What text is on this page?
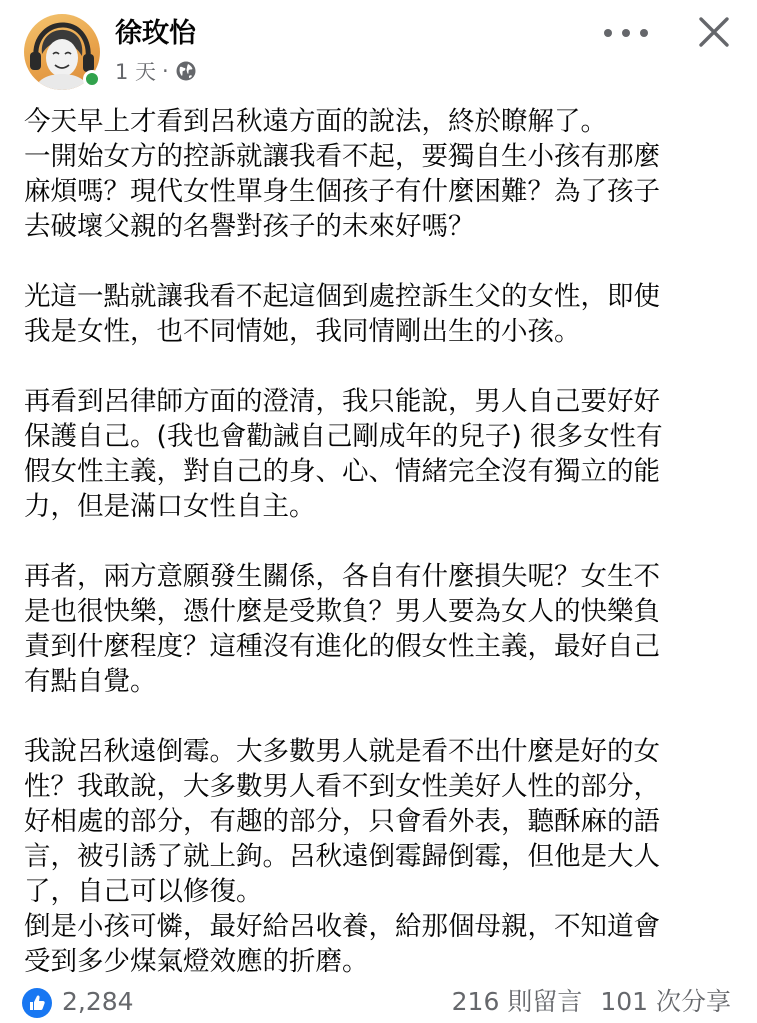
徐玫怡
1 天 ·

今天早上才看到呂秋遠方面的說法，終於瞭解了。
一開始女方的控訴就讓我看不起，要獨自生小孩有那麼
麻煩嗎？現代女性單身生個孩子有什麼困難？為了孩子
去破壞父親的名譽對孩子的未來好嗎？

光這一點就讓我看不起這個到處控訴生父的女性，即使
我是女性，也不同情她，我同情剛出生的小孩。

再看到呂律師方面的澄清，我只能說，男人自己要好好
保護自己。(我也會勸誡自己剛成年的兒子) 很多女性有
假女性主義，對自己的身、心、情緒完全沒有獨立的能
力，但是滿口女性自主。

再者，兩方意願發生關係，各自有什麼損失呢？女生不
是也很快樂，憑什麼是受欺負？男人要為女人的快樂負
責到什麼程度？這種沒有進化的假女性主義，最好自己
有點自覺。

我說呂秋遠倒霉。大多數男人就是看不出什麼是好的女
性？我敢說，大多數男人看不到女性美好人性的部分，
好相處的部分，有趣的部分，只會看外表，聽酥麻的語
言，被引誘了就上鉤。呂秋遠倒霉歸倒霉，但他是大人
了，自己可以修復。
倒是小孩可憐，最好給呂收養，給那個母親，不知道會
受到多少煤氣燈效應的折磨。

2,284	216 則留言 101 次分享
